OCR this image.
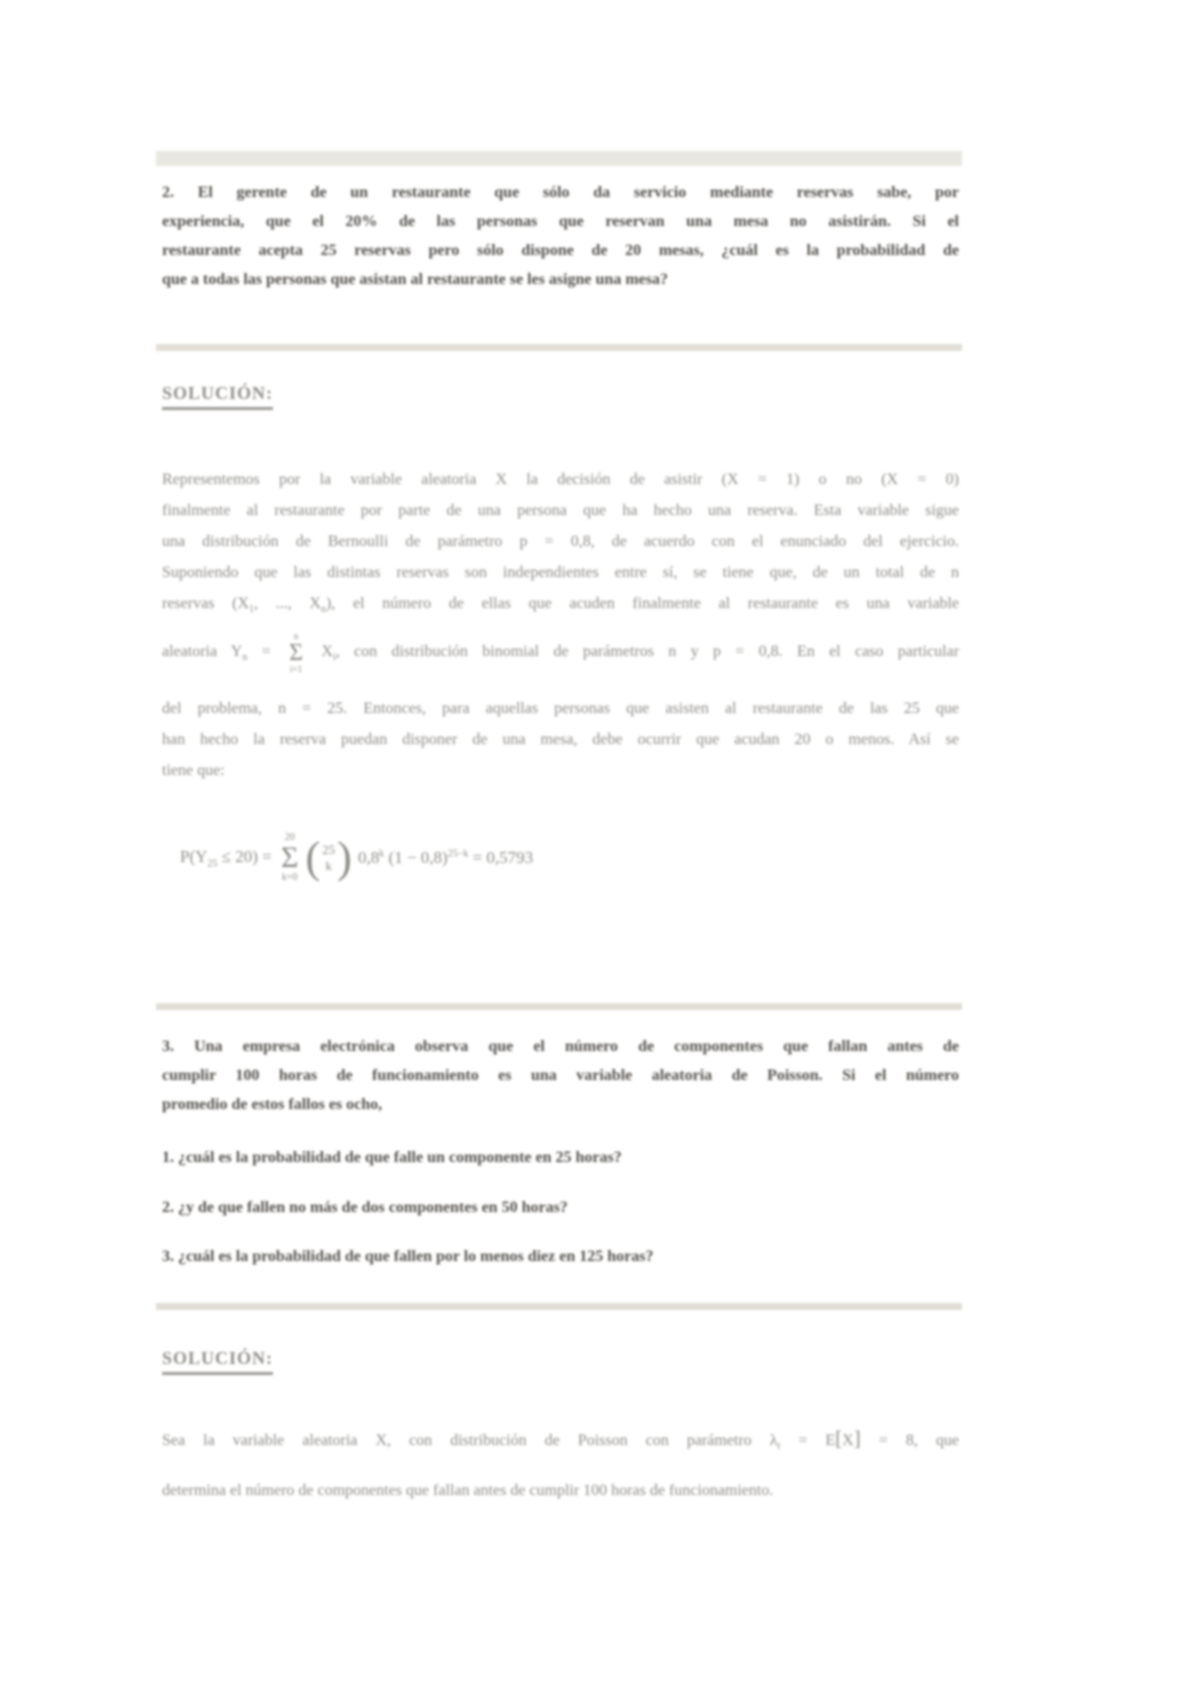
2. El gerente de un restaurante que sólo da servicio mediante reservas sabe, por
experiencia, que el 20% de las personas que reservan una mesa no asistirán. Si el
restaurante acepta 25 reservas pero sólo dispone de 20 mesas, ¿cuál es la probabilidad de
que a todas las personas que asistan al restaurante se les asigne una mesa?
SOLUCIÓN:
Representemos por la variable aleatoria X la decisión de asistir (X = 1) o no (X = 0)
finalmente al restaurante por parte de una persona que ha hecho una reserva. Esta variable sigue
una distribución de Bernoulli de parámetro p = 0,8, de acuerdo con el enunciado del ejercicio.
Suponiendo que las distintas reservas son independientes entre sí, se tiene que, de un total de n
reservas ($X_1$, ..., $X_n$), el número de ellas que acuden finalmente al restaurante es una variable
aleatoria $Y_n$ =
n
Σ
i=1
$X_i$, con distribución binomial de parámetros n y p = 0,8. En el caso particular
del problema, n = 25. Entonces, para aquellas personas que asisten al restaurante de las 25 que
han hecho la reserva puedan disponer de una mesa, debe ocurrir que acudan 20 o menos. Así se
tiene que:
$P(Y_{25} \le 20)$ =
20
Σ
k=0 ( 25
k ) 0,8$^k$ $(1 - 0,8)^{25-k} = 0,5793$
3. Una empresa electrónica observa que el número de componentes que fallan antes de
cumplir 100 horas de funcionamiento es una variable aleatoria de Poisson. Si el número
promedio de estos fallos es ocho,
1. ¿cuál es la probabilidad de que falle un componente en 25 horas?
2. ¿y de que fallen no más de dos componentes en 50 horas?
3. ¿cuál es la probabilidad de que fallen por lo menos diez en 125 horas?
SOLUCIÓN:
Sea la variable aleatoria X, con distribución de Poisson con parámetro $\lambda_t = E[X] = 8$, que
determina el número de componentes que fallan antes de cumplir 100 horas de funcionamiento.
